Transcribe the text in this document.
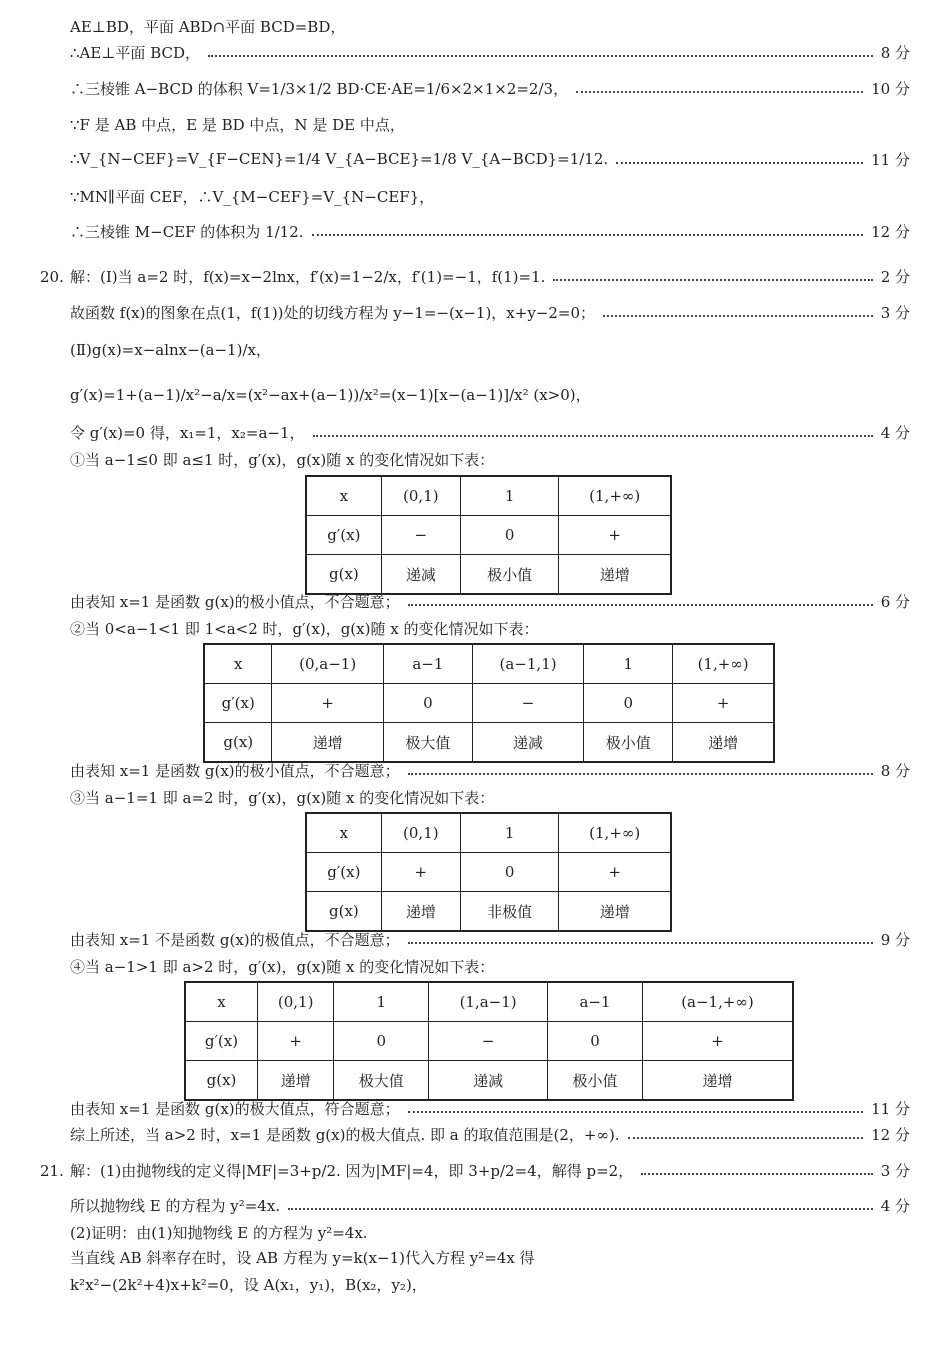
AE⊥BD，平面 ABD∩平面 BCD=BD，
∴AE⊥平面 BCD，	8 分
∴三棱锥 A−BCD 的体积 V=1/3×1/2 BD·CE·AE=1/6×2×1×2=2/3，	10 分
∵F 是 AB 中点，E 是 BD 中点，N 是 DE 中点，
∴V_{N−CEF}=V_{F−CEN}=1/4 V_{A−BCE}=1/8 V_{A−BCD}=1/12.	11 分
∵MN∥平面 CEF，∴V_{M−CEF}=V_{N−CEF}，
∴三棱锥 M−CEF 的体积为 1/12.	12 分
20. 解：(Ⅰ)当 a=2 时，f(x)=x−2lnx，f′(x)=1−2/x，f′(1)=−1，f(1)=1.	2 分
故函数 f(x)的图象在点(1，f(1))处的切线方程为 y−1=−(x−1)，x+y−2=0；	3 分
(Ⅱ)g(x)=x−alnx−(a−1)/x，
g′(x)=1+(a−1)/x²−a/x=(x²−ax+(a−1))/x²=(x−1)[x−(a−1)]/x² (x>0)，
令 g′(x)=0 得，x₁=1，x₂=a−1，	4 分
①当 a−1≤0 即 a≤1 时，g′(x)，g(x)随 x 的变化情况如下表：
x	(0,1)	1	(1,+∞)
g′(x)	−	0	+
g(x)	递减	极小值	递增
由表知 x=1 是函数 g(x)的极小值点，不合题意；	6 分
②当 0<a−1<1 即 1<a<2 时，g′(x)，g(x)随 x 的变化情况如下表：
x	(0,a−1)	a−1	(a−1,1)	1	(1,+∞)
g′(x)	+	0	−	0	+
g(x)	递增	极大值	递减	极小值	递增
由表知 x=1 是函数 g(x)的极小值点，不合题意；	8 分
③当 a−1=1 即 a=2 时，g′(x)，g(x)随 x 的变化情况如下表：
x	(0,1)	1	(1,+∞)
g′(x)	+	0	+
g(x)	递增	非极值	递增
由表知 x=1 不是函数 g(x)的极值点，不合题意；	9 分
④当 a−1>1 即 a>2 时，g′(x)，g(x)随 x 的变化情况如下表：
x	(0,1)	1	(1,a−1)	a−1	(a−1,+∞)
g′(x)	+	0	−	0	+
g(x)	递增	极大值	递减	极小值	递增
由表知 x=1 是函数 g(x)的极大值点，符合题意；	11 分
综上所述，当 a>2 时，x=1 是函数 g(x)的极大值点. 即 a 的取值范围是(2，+∞).	12 分
21. 解：(1)由抛物线的定义得|MF|=3+p/2. 因为|MF|=4，即 3+p/2=4，解得 p=2，	3 分
所以抛物线 E 的方程为 y²=4x.	4 分
(2)证明：由(1)知抛物线 E 的方程为 y²=4x.
当直线 AB 斜率存在时，设 AB 方程为 y=k(x−1)代入方程 y²=4x 得
k²x²−(2k²+4)x+k²=0，设 A(x₁，y₁)，B(x₂，y₂)，
